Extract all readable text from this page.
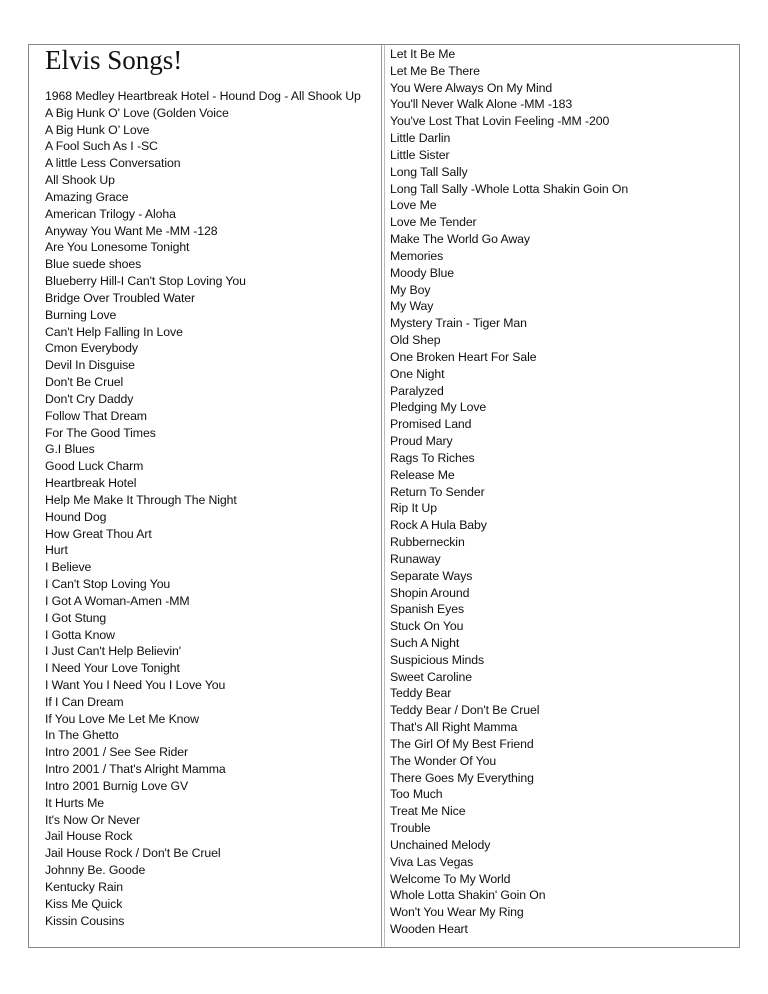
Elvis Songs!
1968 Medley Heartbreak Hotel - Hound Dog - All Shook Up
A Big Hunk O' Love (Golden Voice
A Big Hunk O’ Love
A Fool Such As I -SC
A little Less Conversation
All Shook Up
Amazing Grace
American Trilogy - Aloha
Anyway You Want Me -MM -128
Are You Lonesome Tonight
Blue suede shoes
Blueberry Hill-I Can't Stop Loving You
Bridge Over Troubled Water
Burning Love
Can't Help Falling In Love
Cmon Everybody
Devil In Disguise
Don't Be Cruel
Don't Cry Daddy
Follow That Dream
For The Good Times
G.I Blues
Good Luck Charm
Heartbreak Hotel
Help Me Make It Through The Night
Hound Dog
How Great Thou Art
Hurt
I Believe
I Can't Stop Loving You
I Got A Woman-Amen -MM
I Got Stung
I Gotta Know
I Just Can't Help Believin'
I Need Your Love Tonight
I Want You I Need You I Love You
If I Can Dream
If You Love Me Let Me Know
In The Ghetto
Intro 2001 / See See Rider
Intro 2001 / That's Alright Mamma
Intro 2001 Burnig Love GV
It Hurts Me
It's Now Or Never
Jail House Rock
Jail House Rock / Don't Be Cruel
Johnny Be. Goode
Kentucky Rain
Kiss Me Quick
Kissin Cousins
Let It Be Me
Let Me Be There
You Were Always On My Mind
You'll Never Walk Alone -MM -183
You've Lost That Lovin Feeling -MM -200
Little Darlin
Little Sister
Long Tall Sally
Long Tall Sally -Whole Lotta Shakin Goin On
Love Me
Love Me Tender
Make The World Go Away
Memories
Moody Blue
My Boy
My Way
Mystery Train - Tiger Man
Old Shep
One Broken Heart For Sale
One Night
Paralyzed
Pledging My Love
Promised Land
Proud Mary
Rags To Riches
Release Me
Return To Sender
Rip It Up
Rock A Hula Baby
Rubberneckin
Runaway
Separate Ways
Shopin Around
Spanish Eyes
Stuck On You
Such A Night
Suspicious Minds
Sweet Caroline
Teddy Bear
Teddy Bear / Don't Be Cruel
That's All Right Mamma
The Girl Of My Best Friend
The Wonder Of You
There Goes My Everything
Too Much
Treat Me Nice
Trouble
Unchained Melody
Viva Las Vegas
Welcome To My World
Whole Lotta Shakin' Goin On
Won't You Wear My Ring
Wooden Heart
